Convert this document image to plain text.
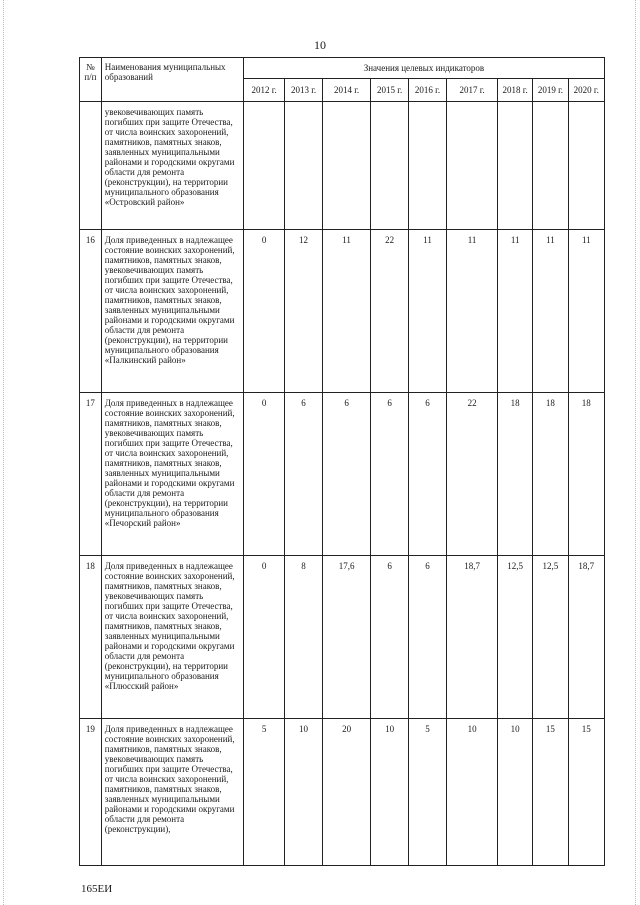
10
№
п/п	Наименования муниципальных образований	Значения целевых индикаторов								
		2012 г.	2013 г.	2014 г.	2015 г.	2016 г.	2017 г.	2018 г.	2019 г.	2020 г.
	увековечивающих память погибших при защите Отечества, от числа воинских захоронений, памятников, памятных знаков, заявленных муниципальными районами и городскими округами области для ремонта (реконструкции), на территории муниципального образования «Островский район»									
16	Доля приведенных в надлежащее состояние воинских захоронений, памятников, памятных знаков, увековечивающих память погибших при защите Отечества, от числа воинских захоронений, памятников, памятных знаков, заявленных муниципальными районами и городскими округами области для ремонта (реконструкции), на территории муниципального образования «Палкинский район»	0	12	11	22	11	11	11	11	11
17	Доля приведенных в надлежащее состояние воинских захоронений, памятников, памятных знаков, увековечивающих память погибших при защите Отечества, от числа воинских захоронений, памятников, памятных знаков, заявленных муниципальными районами и городскими округами области для ремонта (реконструкции), на территории муниципального образования «Печорский район»	0	6	6	6	6	22	18	18	18
18	Доля приведенных в надлежащее состояние воинских захоронений, памятников, памятных знаков, увековечивающих память погибших при защите Отечества, от числа воинских захоронений, памятников, памятных знаков, заявленных муниципальными районами и городскими округами области для ремонта (реконструкции), на территории муниципального образования «Плюсский район»	0	8	17,6	6	6	18,7	12,5	12,5	18,7
19	Доля приведенных в надлежащее состояние воинских захоронений, памятников, памятных знаков, увековечивающих память погибших при защите Отечества, от числа воинских захоронений, памятников, памятных знаков, заявленных муниципальными районами и городскими округами области для ремонта (реконструкции),	5	10	20	10	5	10	10	15	15
165ЕИ
